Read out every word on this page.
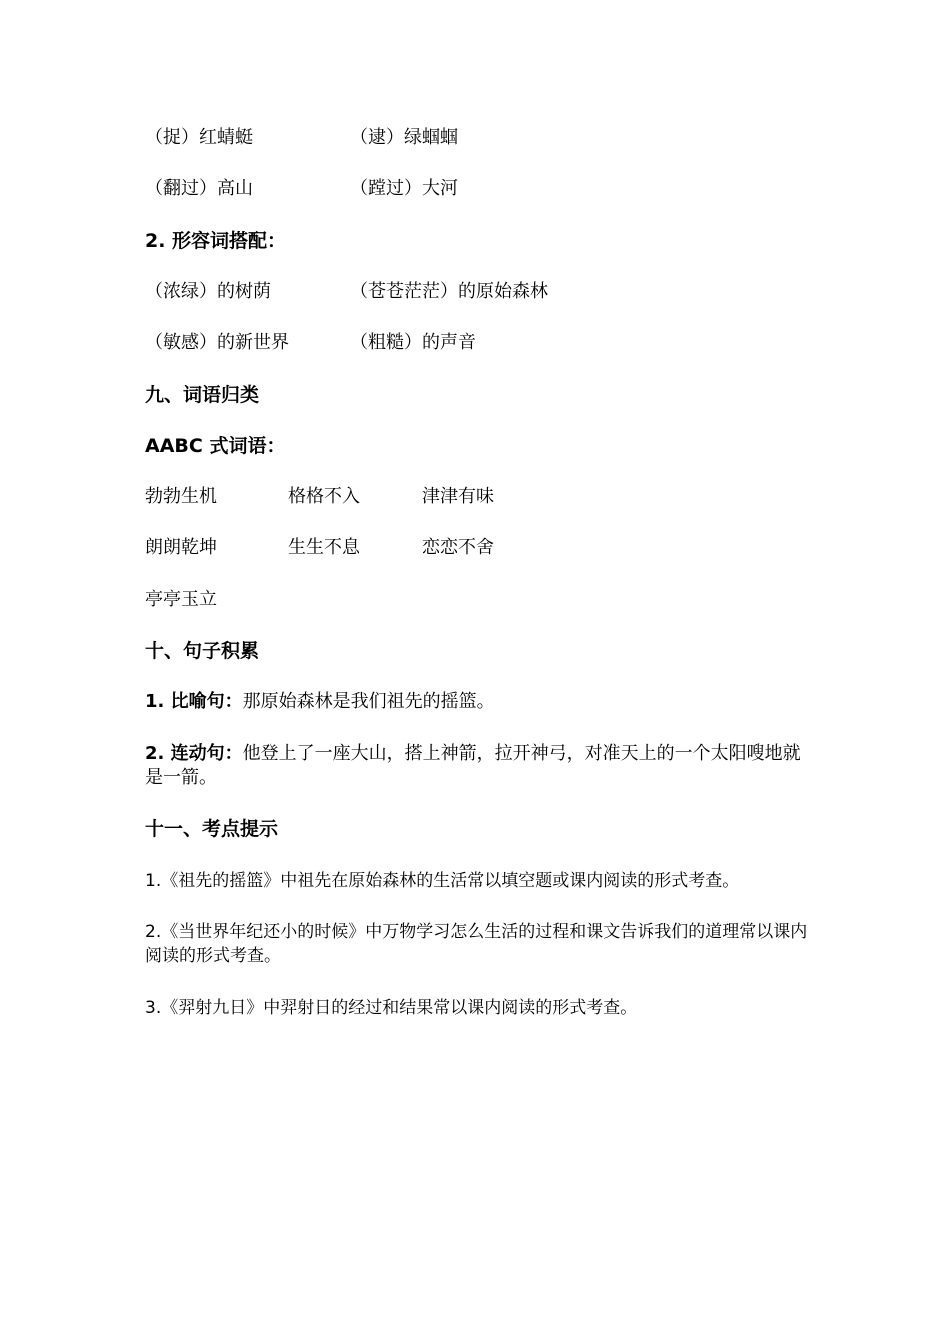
（捉）红蜻蜓	（逮）绿蝈蝈
（翻过）高山	（蹚过）大河
2. 形容词搭配：
（浓绿）的树荫	（苍苍茫茫）的原始森林
（敏感）的新世界	（粗糙）的声音
九、词语归类
AABC 式词语：
勃勃生机	格格不入	津津有味
朗朗乾坤	生生不息	恋恋不舍
亭亭玉立
十、句子积累
1. 比喻句：那原始森林是我们祖先的摇篮。
2. 连动句：他登上了一座大山，搭上神箭，拉开神弓，对准天上的一个太阳嗖地就是一箭。
十一、考点提示
1.《祖先的摇篮》中祖先在原始森林的生活常以填空题或课内阅读的形式考查。
2.《当世界年纪还小的时候》中万物学习怎么生活的过程和课文告诉我们的道理常以课内阅读的形式考查。
3.《羿射九日》中羿射日的经过和结果常以课内阅读的形式考查。
